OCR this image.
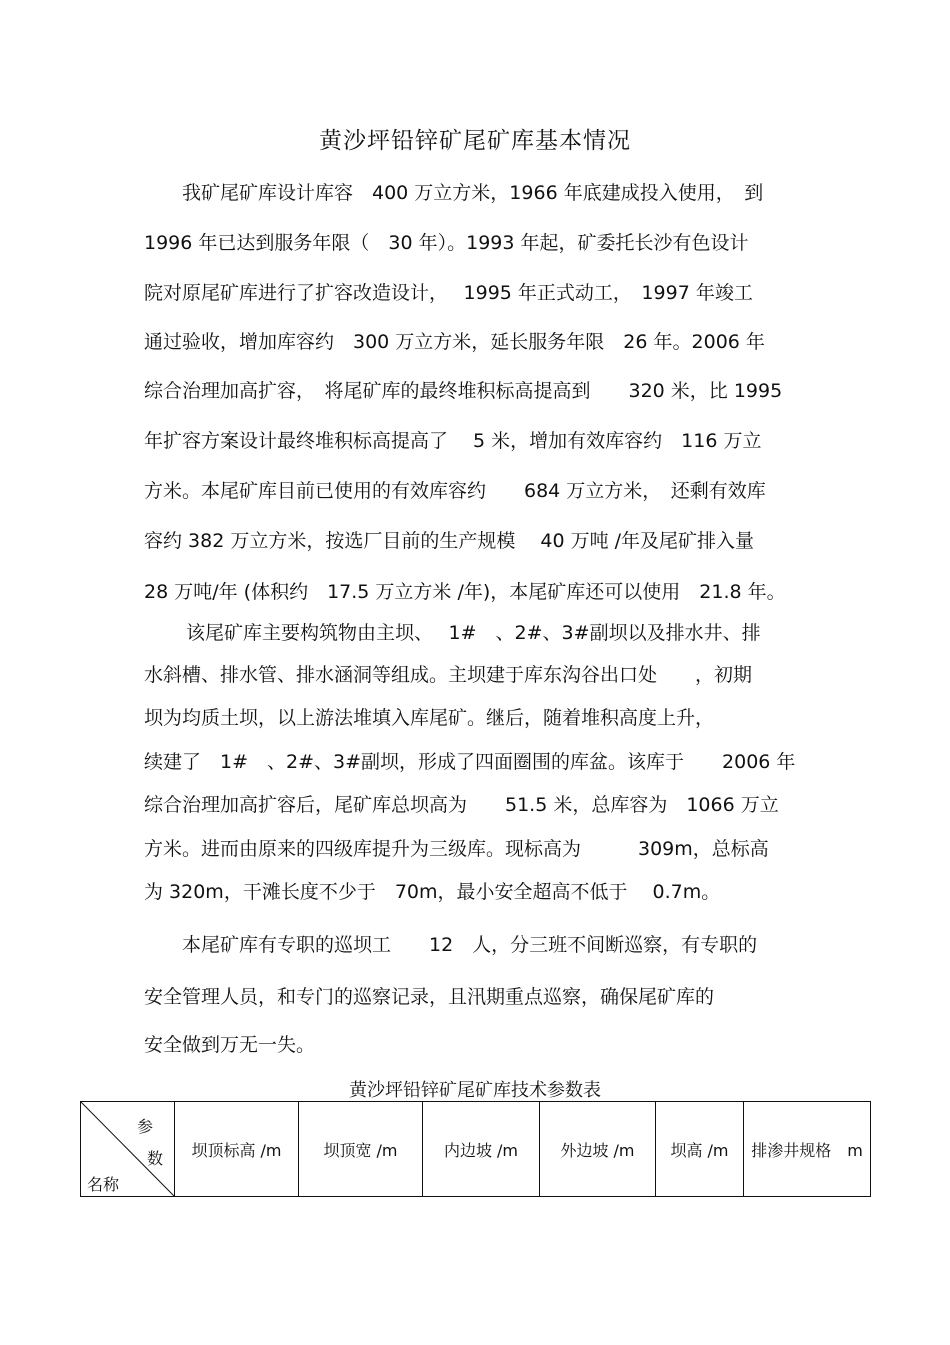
黄沙坪铅锌矿尾矿库基本情况
我矿尾矿库设计库容　400 万立方米，1966 年底建成投入使用，　到
1996 年已达到服务年限（　30 年）。1993 年起，矿委托长沙有色设计
院对原尾矿库进行了扩容改造设计，　 1995 年正式动工，　1997 年竣工
通过验收，增加库容约　300 万立方米，延长服务年限　26 年。2006 年
综合治理加高扩容，　将尾矿库的最终堆积标高提高到　　320 米，比 1995
年扩容方案设计最终堆积标高提高了　 5 米，增加有效库容约　116 万立
方米。本尾矿库目前已使用的有效库容约　　684 万立方米，　还剩有效库
容约 382 万立方米，按选厂目前的生产规模　 40 万吨 /年及尾矿排入量
28 万吨/年 (体积约　17.5 万立方米 /年)，本尾矿库还可以使用　21.8 年。
该尾矿库主要构筑物由主坝、　 1#　、2#、3#副坝以及排水井、排
水斜槽、排水管、排水涵洞等组成。主坝建于库东沟谷出口处　　，初期
坝为均质土坝，以上游法堆填入库尾矿。继后，随着堆积高度上升，
续建了　1#　、2#、3#副坝，形成了四面圈围的库盆。该库于　　2006 年
综合治理加高扩容后，尾矿库总坝高为　　51.5 米，总库容为　1066 万立
方米。进而由原来的四级库提升为三级库。现标高为　　　309m，总标高
为 320m，干滩长度不少于　70m，最小安全超高不低于　 0.7m。
本尾矿库有专职的巡坝工　　12　人，分三班不间断巡察，有专职的
安全管理人员，和专门的巡察记录，且汛期重点巡察，确保尾矿库的
安全做到万无一失。
黄沙坪铅锌矿尾矿库技术参数表
参
数
名称
	坝顶标高 /m	坝顶宽 /m	内边坡 /m	外边坡 /m	坝高 /m	排渗井规格　m
